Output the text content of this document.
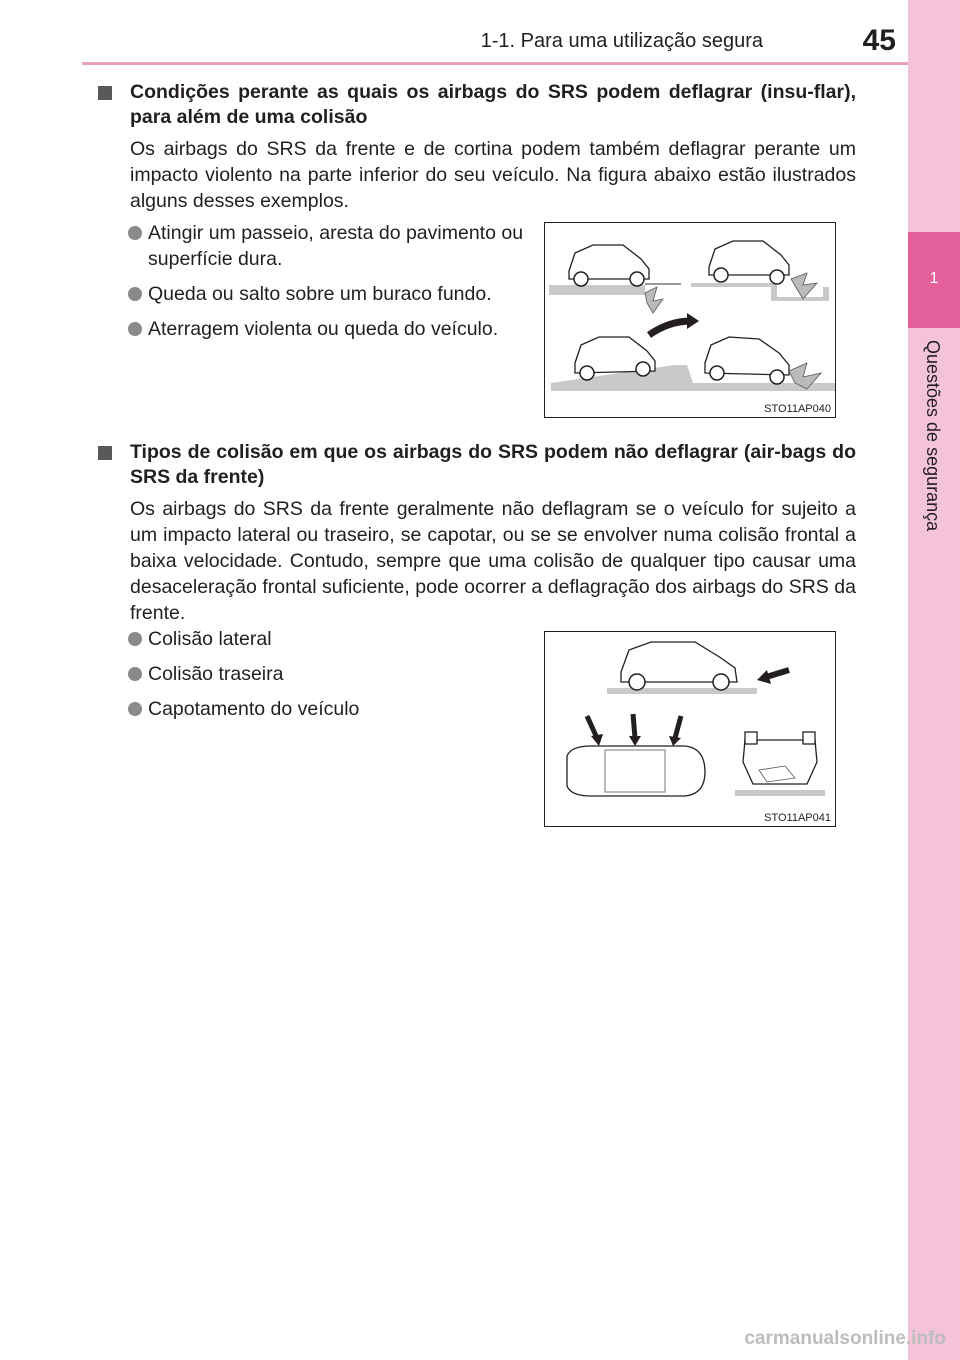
1-1. Para uma utilização segura	45
1
Questões de segurança
Condições perante as quais os airbags do SRS podem deflagrar (insu-flar), para além de uma colisão
Os airbags do SRS da frente e de cortina podem também deflagrar perante um impacto violento na parte inferior do seu veículo. Na figura abaixo estão ilustrados alguns desses exemplos.
Atingir um passeio, aresta do pavimento ou superfície dura.
Queda ou salto sobre um buraco fundo.
Aterragem violenta ou queda do veículo.
STO11AP040
Tipos de colisão em que os airbags do SRS podem não deflagrar (air-bags do SRS da frente)
Os airbags do SRS da frente geralmente não deflagram se o veículo for sujeito a um impacto lateral ou traseiro, se capotar, ou se se envolver numa colisão frontal a baixa velocidade. Contudo, sempre que uma colisão de qualquer tipo causar uma desaceleração frontal suficiente, pode ocorrer a deflagração dos airbags do SRS da frente.
Colisão lateral
Colisão traseira
Capotamento do veículo
STO11AP041
carmanualsonline.info
